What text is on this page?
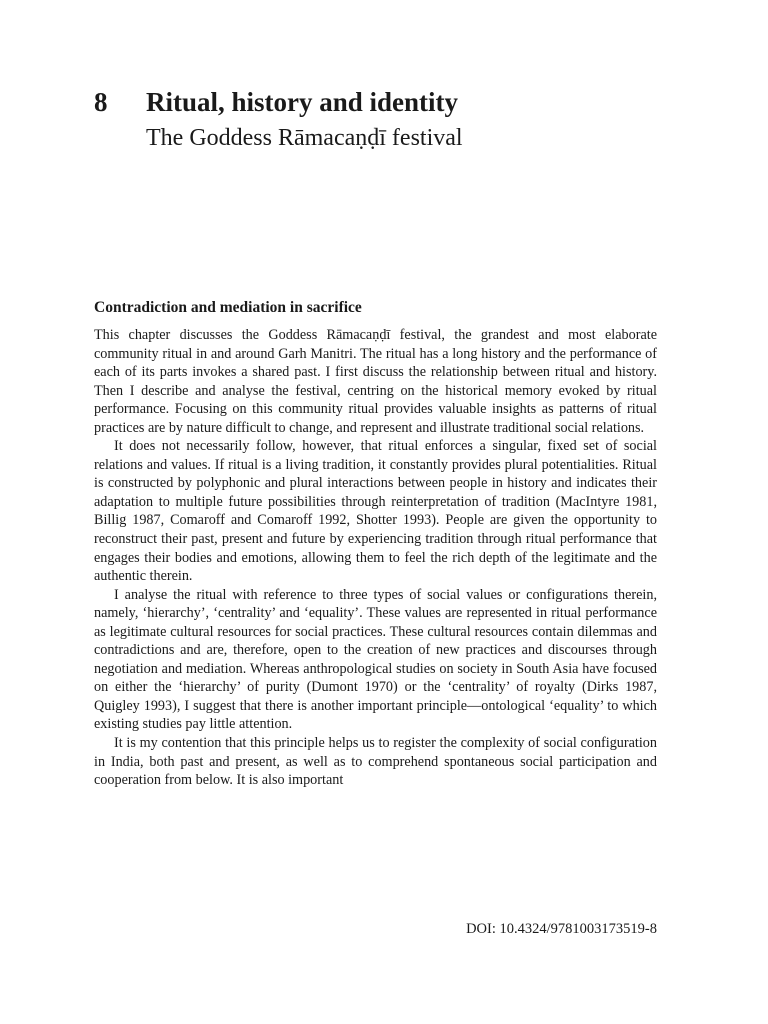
8	Ritual, history and identity
The Goddess Rāmacaṇḍī festival
Contradiction and mediation in sacrifice

This chapter discusses the Goddess Rāmacaṇḍī festival, the grandest and most elaborate community ritual in and around Garh Manitri. The ritual has a long history and the performance of each of its parts invokes a shared past. I first discuss the relationship between ritual and history. Then I describe and analyse the festival, centring on the historical memory evoked by ritual performance. Focusing on this community ritual provides valuable insights as patterns of ritual practices are by nature difficult to change, and represent and illustrate traditional social relations.

It does not necessarily follow, however, that ritual enforces a singular, fixed set of social relations and values. If ritual is a living tradition, it constantly provides plural potentialities. Ritual is constructed by polyphonic and plural interactions between people in history and indicates their adaptation to multiple future possibilities through reinterpretation of tradition (MacIntyre 1981, Billig 1987, Comaroff and Comaroff 1992, Shotter 1993). People are given the opportunity to reconstruct their past, present and future by experiencing tradition through ritual performance that engages their bodies and emotions, allowing them to feel the rich depth of the legitimate and the authentic therein.

I analyse the ritual with reference to three types of social values or configurations therein, namely, ‘hierarchy’, ‘centrality’ and ‘equality’. These values are represented in ritual performance as legitimate cultural resources for social practices. These cultural resources contain dilemmas and contradictions and are, therefore, open to the creation of new practices and discourses through negotiation and mediation. Whereas anthropological studies on society in South Asia have focused on either the ‘hierarchy’ of purity (Dumont 1970) or the ‘centrality’ of royalty (Dirks 1987, Quigley 1993), I suggest that there is another important principle—ontological ‘equality’ to which existing studies pay little attention.

It is my contention that this principle helps us to register the complexity of social configuration in India, both past and present, as well as to comprehend spontaneous social participation and cooperation from below. It is also important

DOI: 10.4324/9781003173519-8
